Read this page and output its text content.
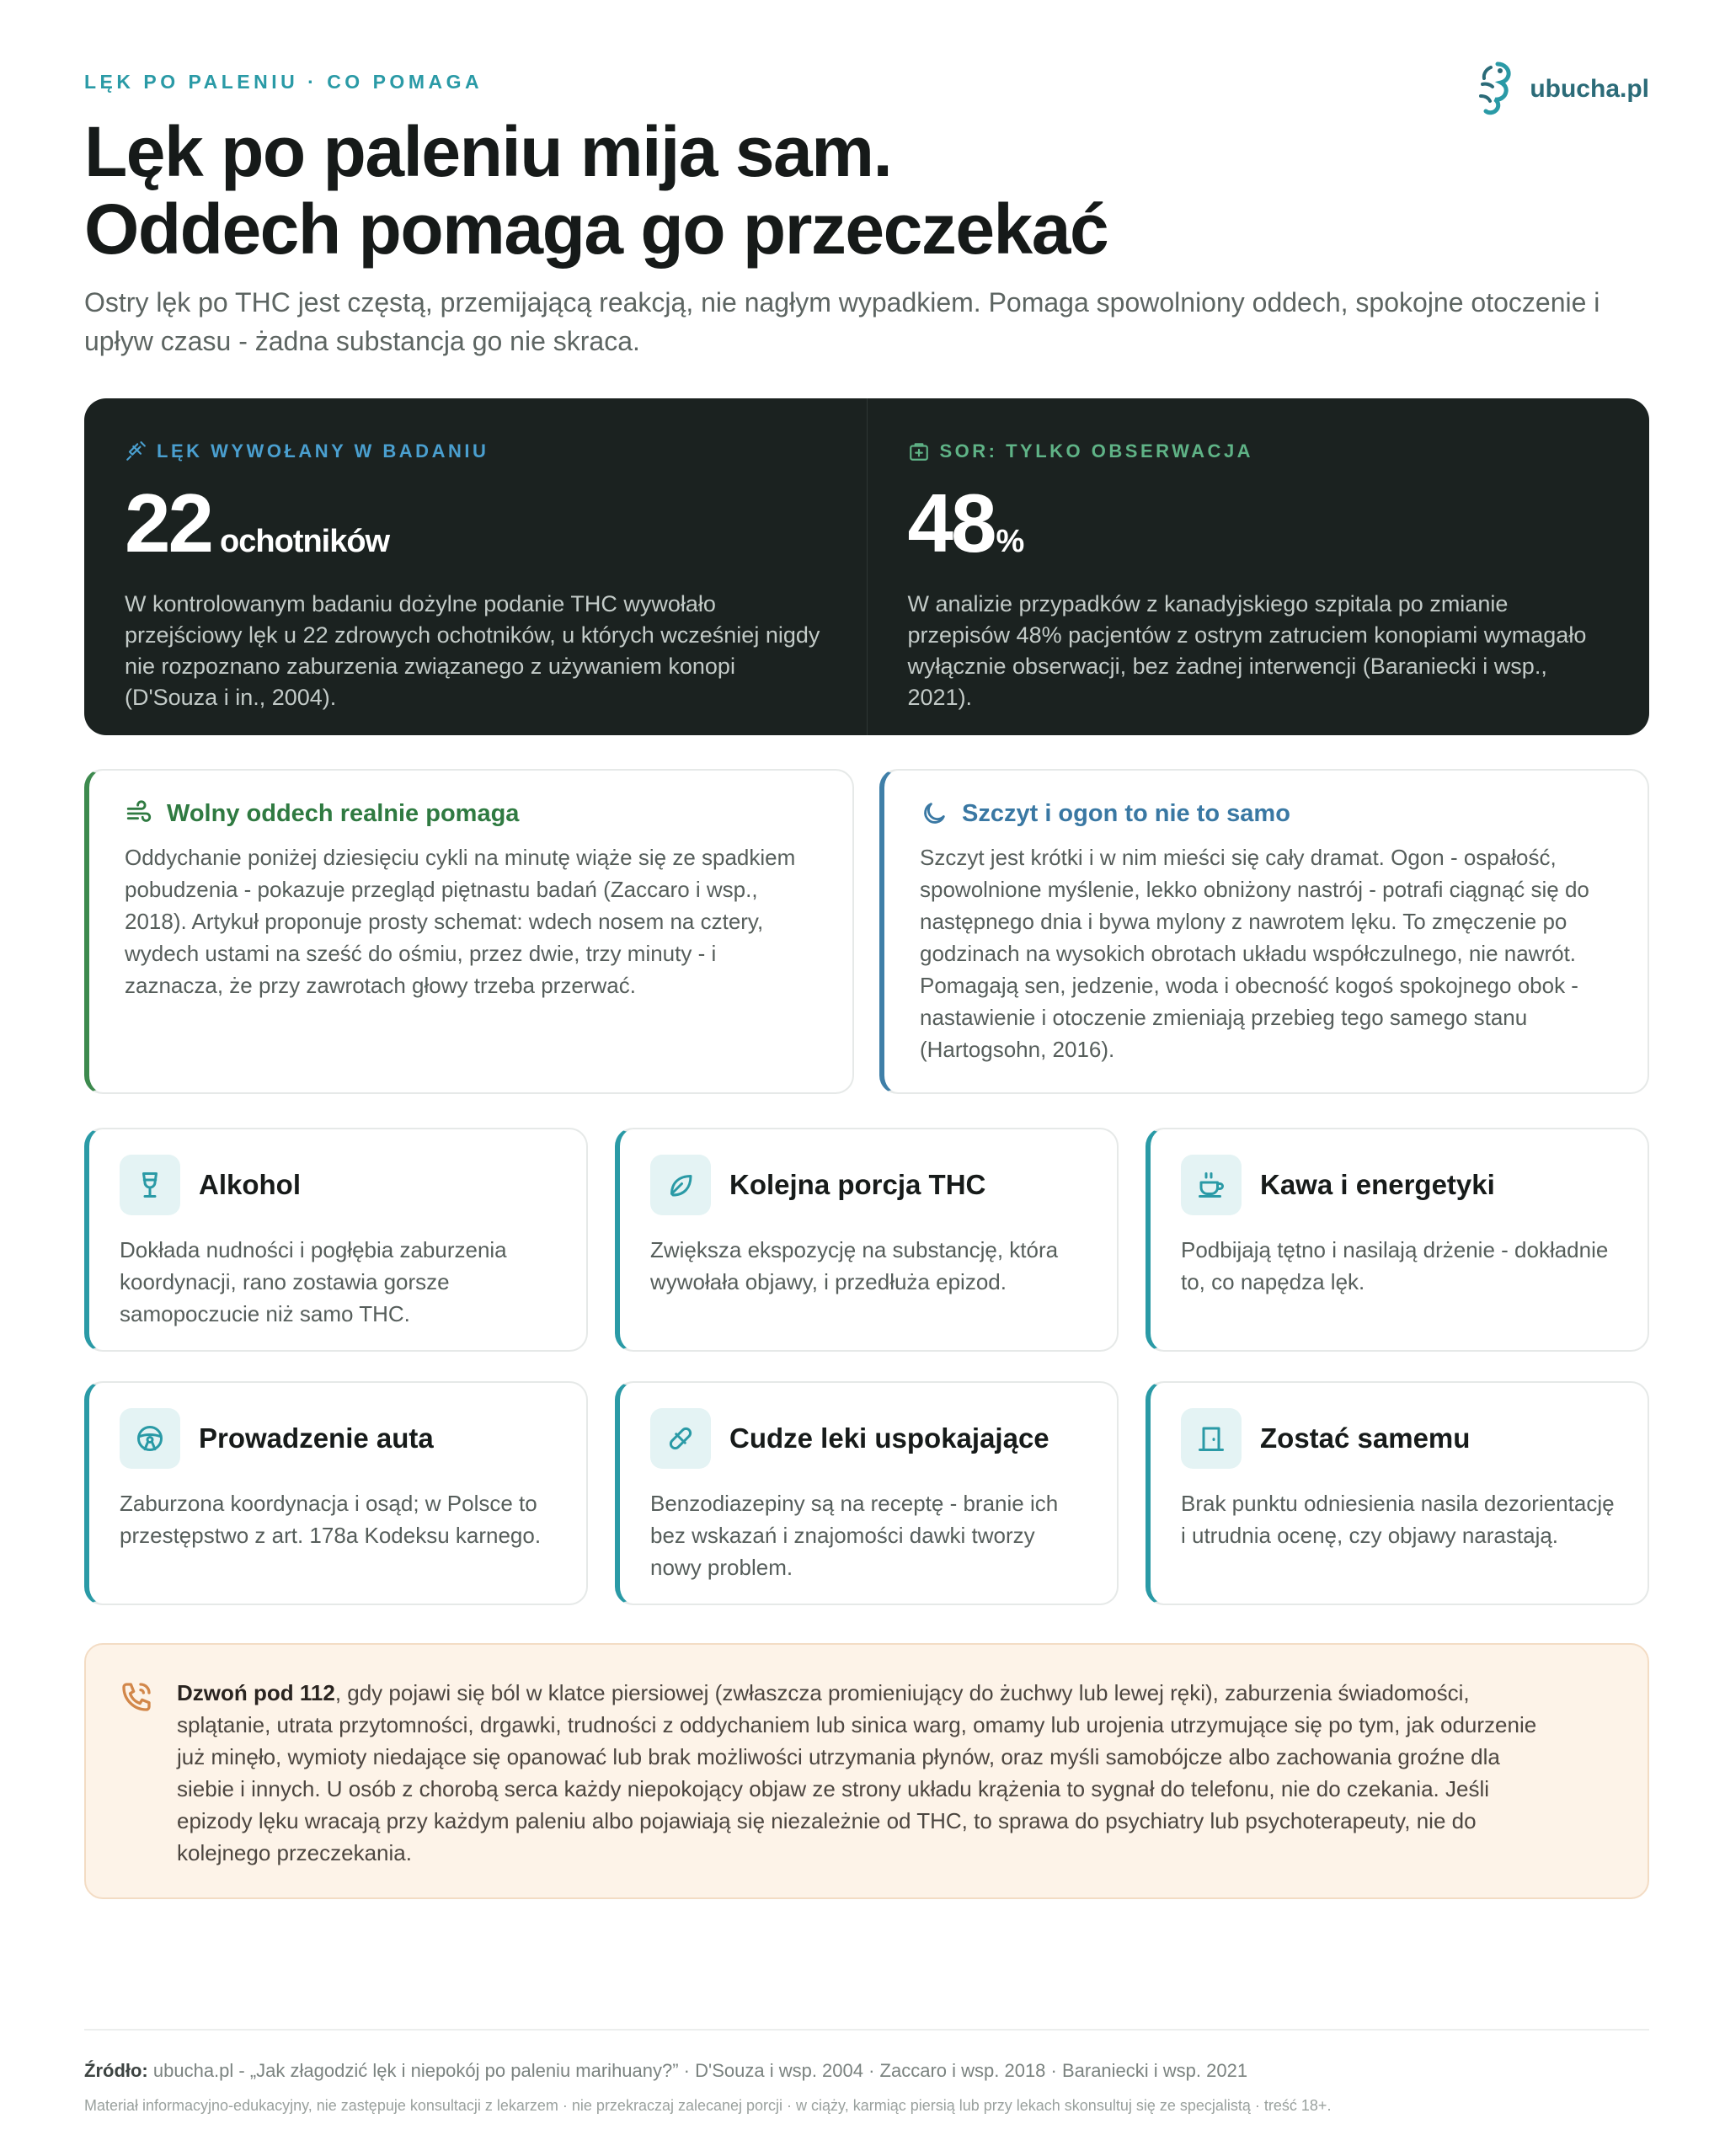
LĘK PO PALENIU · CO POMAGA	ubucha.pl
Lęk po paleniu mija sam.
Oddech pomaga go przeczekać

Ostry lęk po THC jest częstą, przemijającą reakcją, nie nagłym wypadkiem. Pomaga spowolniony oddech, spokojne otoczenie i upływ czasu - żadna substancja go nie skraca.

LĘK WYWOŁANY W BADANIU
22 ochotników

W kontrolowanym badaniu dożylne podanie THC wywołało przejściowy lęk u 22 zdrowych ochotników, u których wcześniej nigdy nie rozpoznano zaburzenia związanego z używaniem konopi (D'Souza i in., 2004).

SOR: TYLKO OBSERWACJA
48 %

W analizie przypadków z kanadyjskiego szpitala po zmianie przepisów 48% pacjentów z ostrym zatruciem konopiami wymagało wyłącznie obserwacji, bez żadnej interwencji (Baraniecki i wsp., 2021).

Wolny oddech realnie pomaga

Oddychanie poniżej dziesięciu cykli na minutę wiąże się ze spadkiem pobudzenia - pokazuje przegląd piętnastu badań (Zaccaro i wsp., 2018). Artykuł proponuje prosty schemat: wdech nosem na cztery, wydech ustami na sześć do ośmiu, przez dwie, trzy minuty - i zaznacza, że przy zawrotach głowy trzeba przerwać.

Szczyt i ogon to nie to samo

Szczyt jest krótki i w nim mieści się cały dramat. Ogon - ospałość, spowolnione myślenie, lekko obniżony nastrój - potrafi ciągnąć się do następnego dnia i bywa mylony z nawrotem lęku. To zmęczenie po godzinach na wysokich obrotach układu współczulnego, nie nawrót. Pomagają sen, jedzenie, woda i obecność kogoś spokojnego obok - nastawienie i otoczenie zmieniają przebieg tego samego stanu (Hartogsohn, 2016).

Alkohol

Dokłada nudności i pogłębia zaburzenia koordynacji, rano zostawia gorsze samopoczucie niż samo THC.

Kolejna porcja THC

Zwiększa ekspozycję na substancję, która wywołała objawy, i przedłuża epizod.

Kawa i energetyki

Podbijają tętno i nasilają drżenie - dokładnie to, co napędza lęk.

Prowadzenie auta

Zaburzona koordynacja i osąd; w Polsce to przestępstwo z art. 178a Kodeksu karnego.

Cudze leki uspokajające

Benzodiazepiny są na receptę - branie ich bez wskazań i znajomości dawki tworzy nowy problem.

Zostać samemu

Brak punktu odniesienia nasila dezorientację i utrudnia ocenę, czy objawy narastają.

Dzwoń pod 112, gdy pojawi się ból w klatce piersiowej (zwłaszcza promieniujący do żuchwy lub lewej ręki), zaburzenia świadomości, splątanie, utrata przytomności, drgawki, trudności z oddychaniem lub sinica warg, omamy lub urojenia utrzymujące się po tym, jak odurzenie już minęło, wymioty niedające się opanować lub brak możliwości utrzymania płynów, oraz myśli samobójcze albo zachowania groźne dla siebie i innych. U osób z chorobą serca każdy niepokojący objaw ze strony układu krążenia to sygnał do telefonu, nie do czekania. Jeśli epizody lęku wracają przy każdym paleniu albo pojawiają się niezależnie od THC, to sprawa do psychiatry lub psychoterapeuty, nie do kolejnego przeczekania.

Źródło: ubucha.pl - „Jak złagodzić lęk i niepokój po paleniu marihuany?” · D'Souza i wsp. 2004 · Zaccaro i wsp. 2018 · Baraniecki i wsp. 2021

Materiał informacyjno-edukacyjny, nie zastępuje konsultacji z lekarzem · nie przekraczaj zalecanej porcji · w ciąży, karmiąc piersią lub przy lekach skonsultuj się ze specjalistą · treść 18+.
